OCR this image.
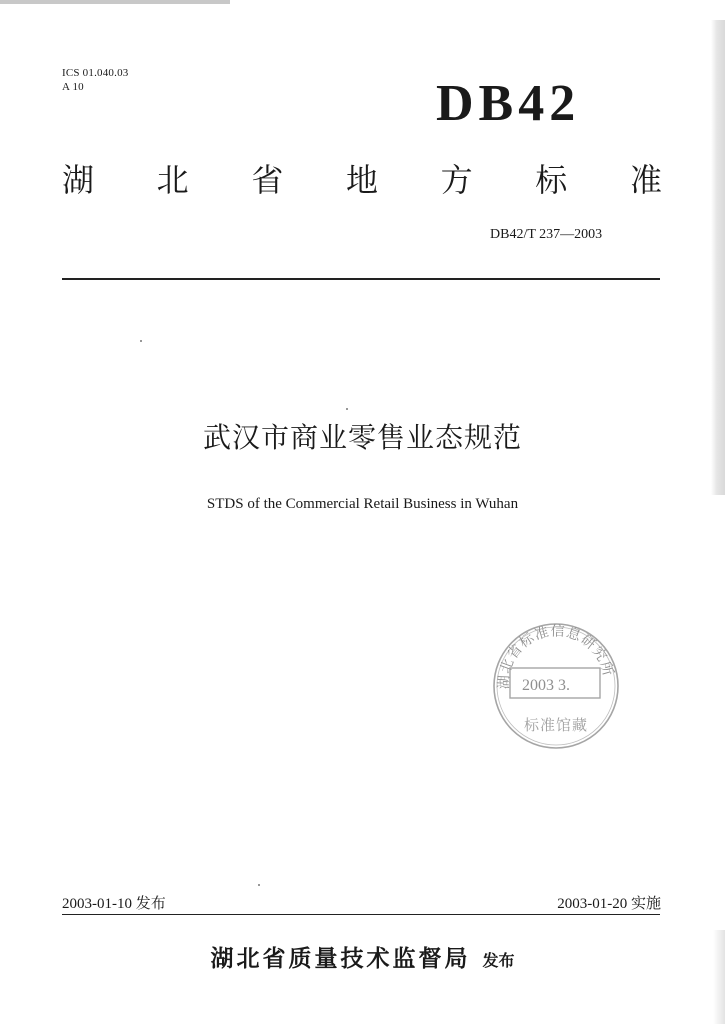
ICS 01.040.03
A 10	DB42
湖 北 省 地 方 标 准
DB42/T 237—2003
武汉市商业零售业态规范
STDS of the Commercial Retail Business in Wuhan
湖北省标准信息研究所
2003 3.
标准馆藏
2003-01-10 发布	2003-01-20 实施
湖北省质量技术监督局 发布
